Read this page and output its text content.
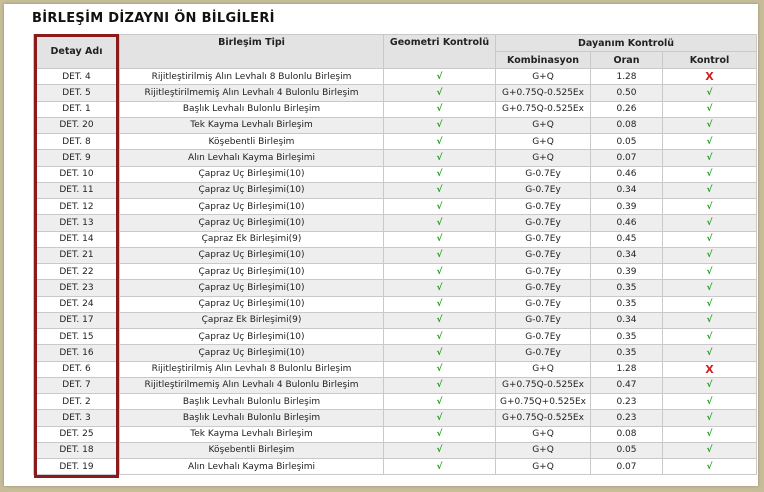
BİRLEŞİM DİZAYNI ÖN BİLGİLERİ
Detay Adı	Birleşim Tipi	Geometri Kontrolü	Dayanım Kontrolü		
			Kombinasyon	Oran	Kontrol
DET. 4	Rijitleştirilmiş Alın Levhalı 8 Bulonlu Birleşim	√	G+Q	1.28	X
DET. 5	Rijitleştirilmemiş Alın Levhalı 4 Bulonlu Birleşim	√	G+0.75Q-0.525Ex	0.50	√
DET. 1	Başlık Levhalı Bulonlu Birleşim	√	G+0.75Q-0.525Ex	0.26	√
DET. 20	Tek Kayma Levhalı Birleşim	√	G+Q	0.08	√
DET. 8	Köşebentli Birleşim	√	G+Q	0.05	√
DET. 9	Alın Levhalı Kayma Birleşimi	√	G+Q	0.07	√
DET. 10	Çapraz Uç Birleşimi(10)	√	G-0.7Ey	0.46	√
DET. 11	Çapraz Uç Birleşimi(10)	√	G-0.7Ey	0.34	√
DET. 12	Çapraz Uç Birleşimi(10)	√	G-0.7Ey	0.39	√
DET. 13	Çapraz Uç Birleşimi(10)	√	G-0.7Ey	0.46	√
DET. 14	Çapraz Ek Birleşimi(9)	√	G-0.7Ey	0.45	√
DET. 21	Çapraz Uç Birleşimi(10)	√	G-0.7Ey	0.34	√
DET. 22	Çapraz Uç Birleşimi(10)	√	G-0.7Ey	0.39	√
DET. 23	Çapraz Uç Birleşimi(10)	√	G-0.7Ey	0.35	√
DET. 24	Çapraz Uç Birleşimi(10)	√	G-0.7Ey	0.35	√
DET. 17	Çapraz Ek Birleşimi(9)	√	G-0.7Ey	0.34	√
DET. 15	Çapraz Uç Birleşimi(10)	√	G-0.7Ey	0.35	√
DET. 16	Çapraz Uç Birleşimi(10)	√	G-0.7Ey	0.35	√
DET. 6	Rijitleştirilmiş Alın Levhalı 8 Bulonlu Birleşim	√	G+Q	1.28	X
DET. 7	Rijitleştirilmemiş Alın Levhalı 4 Bulonlu Birleşim	√	G+0.75Q-0.525Ex	0.47	√
DET. 2	Başlık Levhalı Bulonlu Birleşim	√	G+0.75Q+0.525Ex	0.23	√
DET. 3	Başlık Levhalı Bulonlu Birleşim	√	G+0.75Q-0.525Ex	0.23	√
DET. 25	Tek Kayma Levhalı Birleşim	√	G+Q	0.08	√
DET. 18	Köşebentli Birleşim	√	G+Q	0.05	√
DET. 19	Alın Levhalı Kayma Birleşimi	√	G+Q	0.07	√
